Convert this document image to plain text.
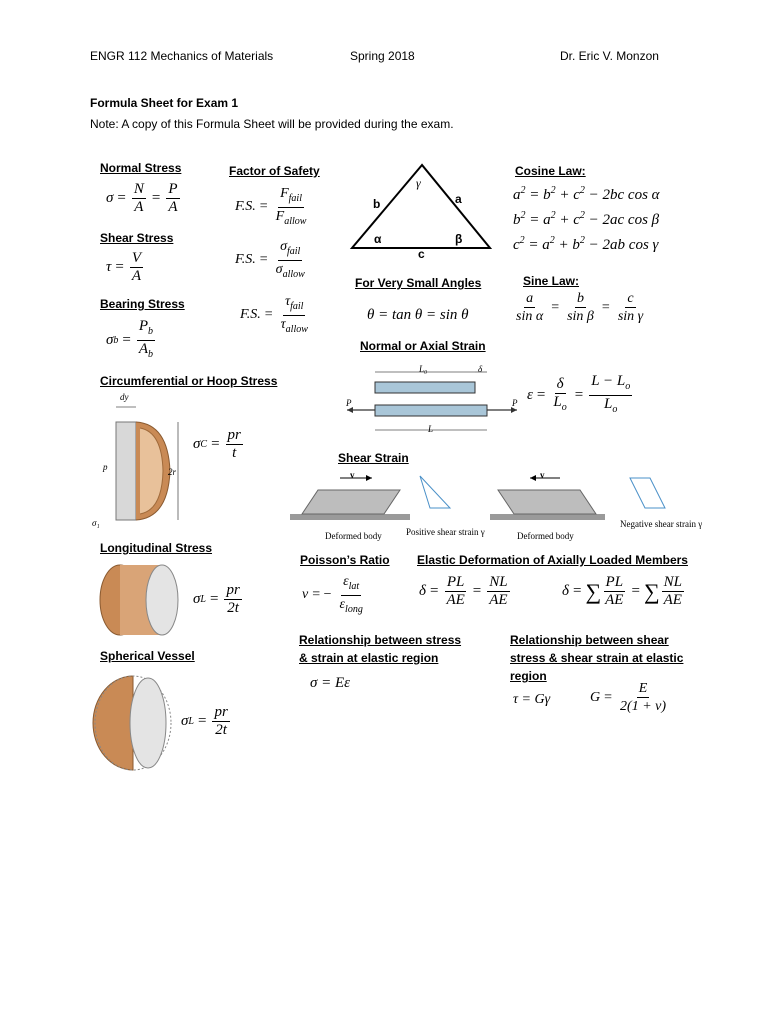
ENGR 112 Mechanics of Materials	Spring 2018	Dr. Eric V. Monzon
Formula Sheet for Exam 1
Note: A copy of this Formula Sheet will be provided during the exam.
Normal Stress
$\sigma = \frac{N}{A} = \frac{P}{A}$
Shear Stress
$\tau = \frac{V}{A}$
Bearing Stress
σ $b = \frac{P_b}{A_b}$
Factor of Safety
F.S. = $\frac{F_{fail}}{F_{allow}}$
F.S. = $\frac{\sigma_{fail}}{\sigma_{allow}}$
F.S. = $\frac{\tau_{fail}}{\tau_{allow}}$
γ
b	a
α	β
c
Cosine Law:
$a^2 = b^2 + c^2 - 2bc$ cos α
$b^2 = a^2 + c^2 - 2ac$ cos β
$c^2 = a^2 + b^2 - 2ab$ cos γ
Sine Law:
$\frac{a}{\text{sin α}} = \frac{b}{\text{sin β}} = \frac{c}{\text{sin γ}}$
For Very Small Angles
θ = tan θ = sin θ
Normal or Axial Strain
L₀	δ
L
P	P $\varepsilon = \frac{\delta}{L_o} = \frac{L - L_o}{L_o}$
Circumferential or Hoop Stress
dy
2r
p
σ₁
σ $C = \frac{pr}{t}$	Shear Strain
v	v
Deformed body	Positive shear strain γ	Deformed body
Negative shear strain γ
Longitudinal Stress
σ $L = \frac{pr}{2t}$
Poisson’s Ratio
ν = − $\frac{\varepsilon_{lat}}{\varepsilon_{long}}$
Elastic Deformation of Axially Loaded Members
$\delta = \frac{PL}{AE} = \frac{NL}{AE}$	δ = ∑ $\frac{PL}{AE}$ = ∑ $\frac{NL}{AE}$
Relationship between stress
& strain at elastic region
σ = Eε
Relationship between shear
stress & shear strain at elastic
region
τ = Gγ	$G = \frac{E}{2(1 + \nu)}$
Spherical Vessel
σ $L = \frac{pr}{2t}$
